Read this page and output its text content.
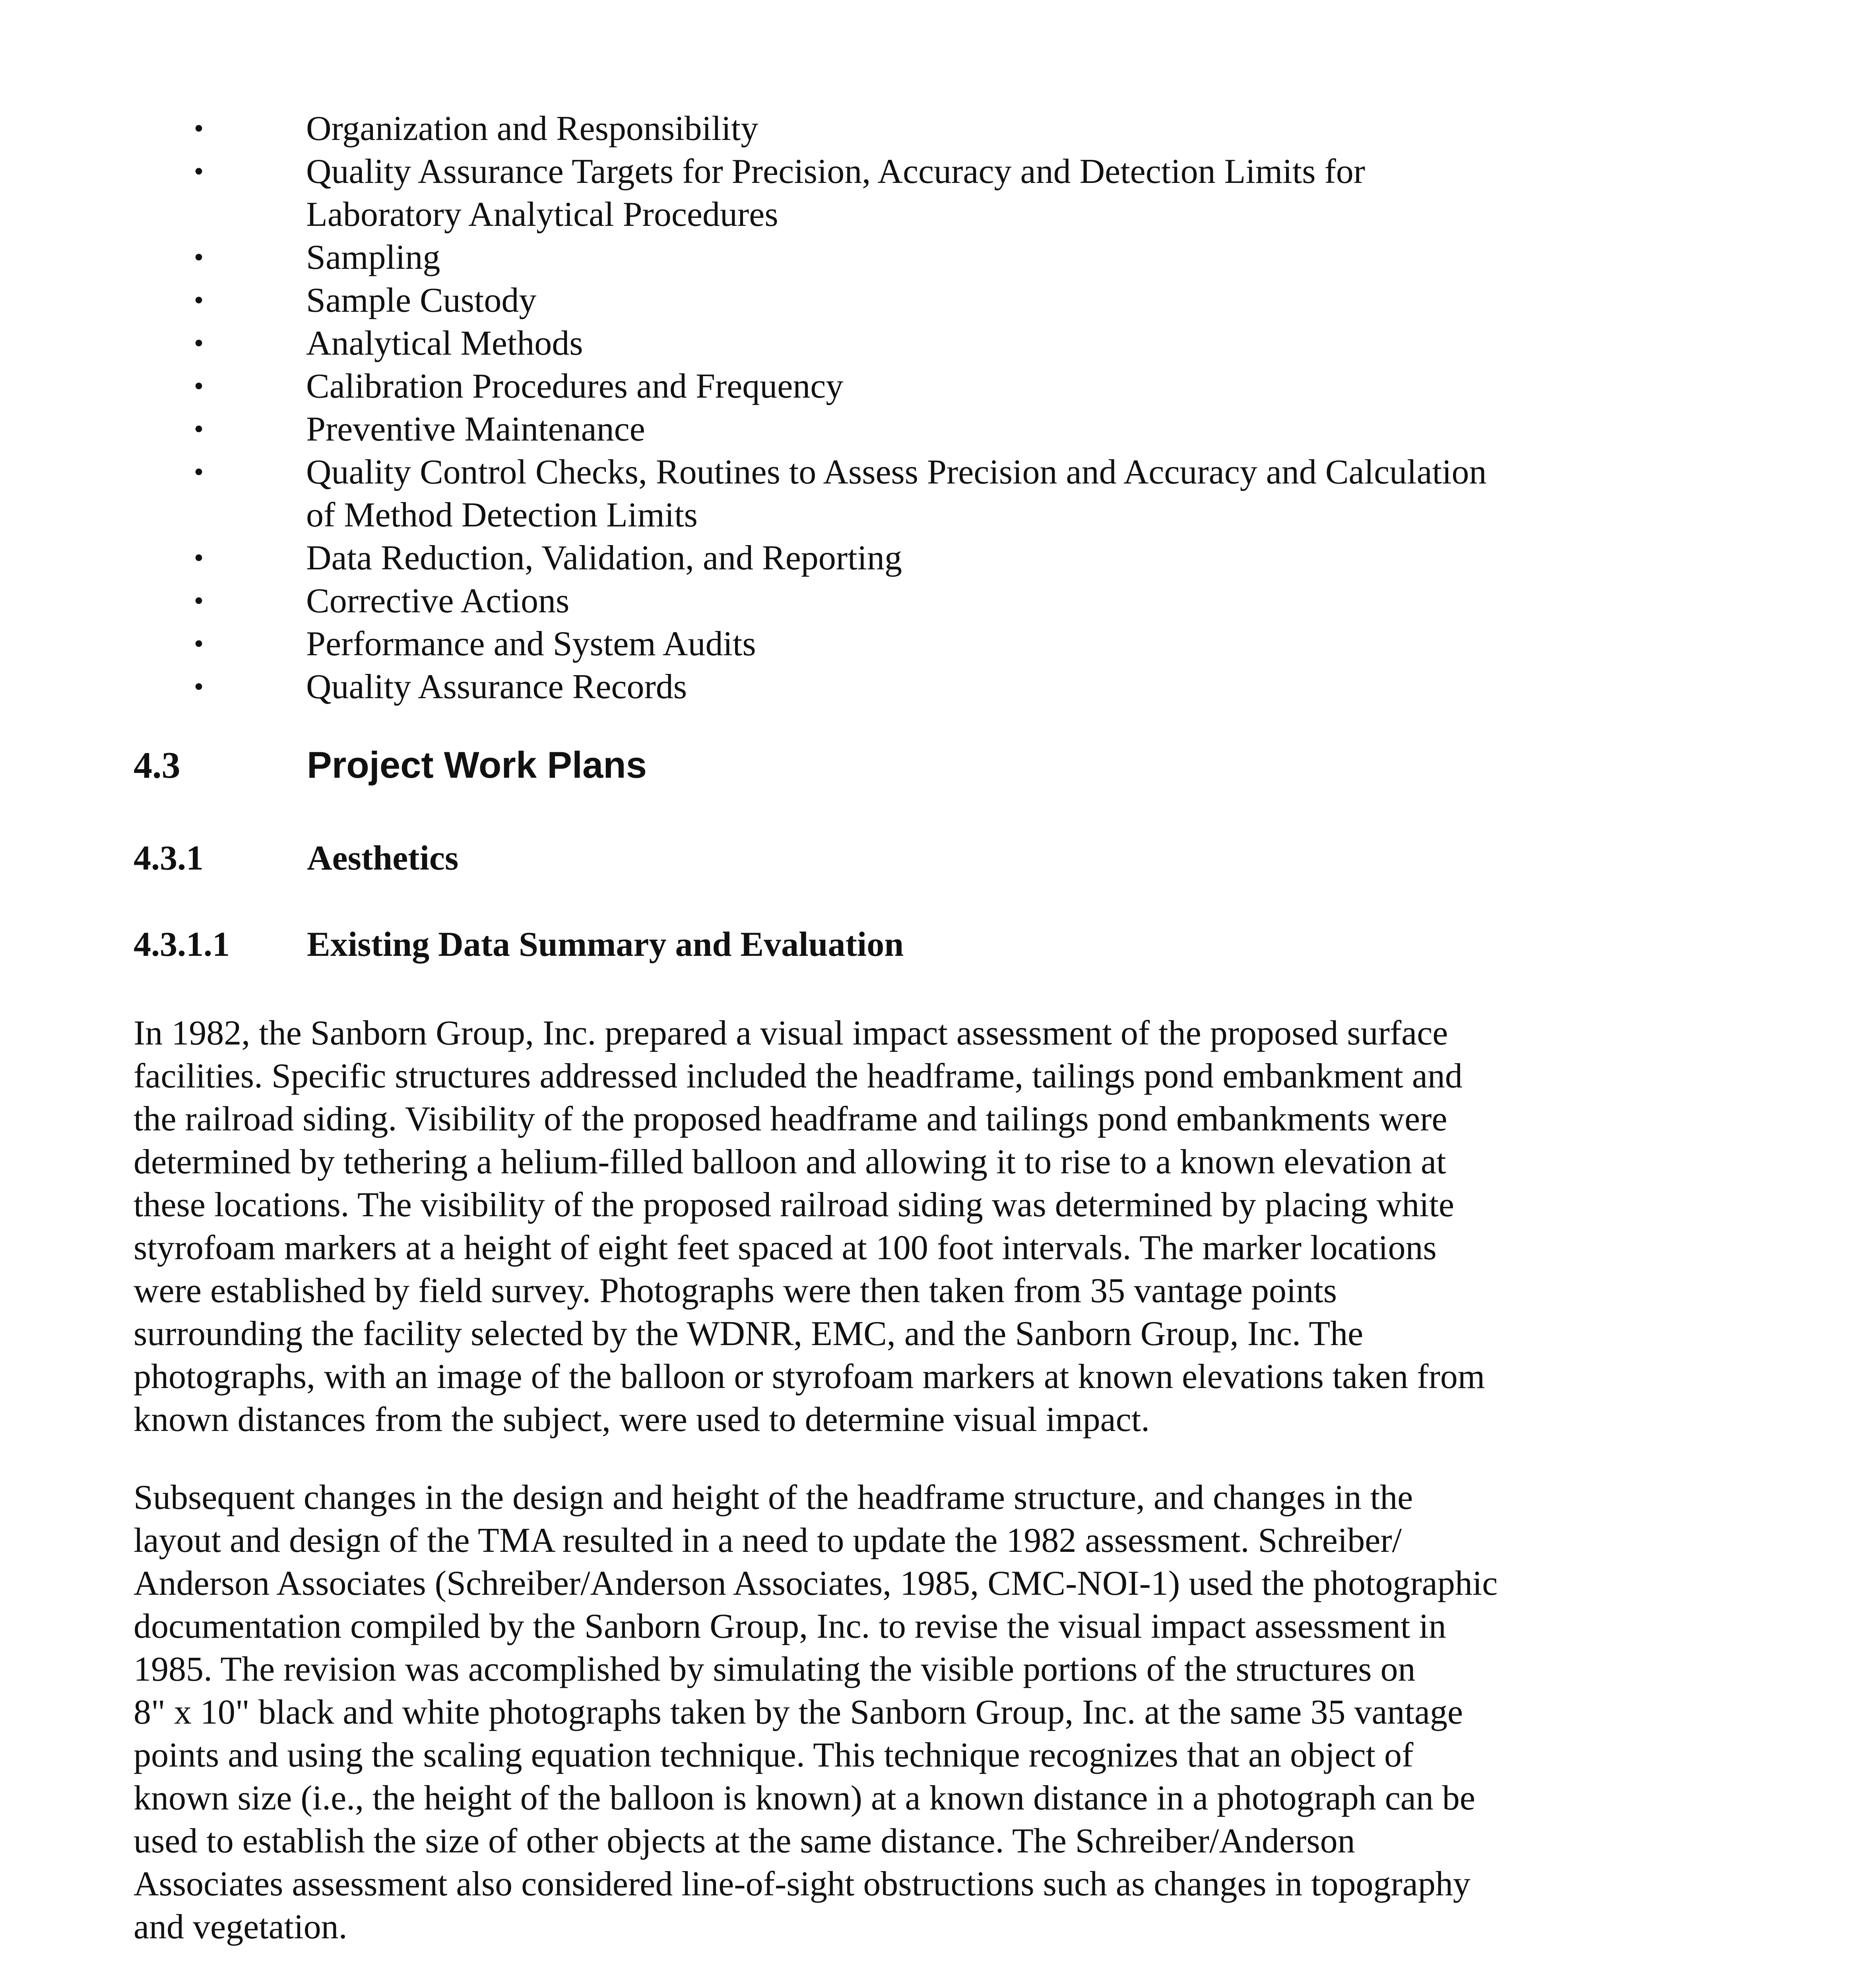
•	Organization and Responsibility
•	Quality Assurance Targets for Precision, Accuracy and Detection Limits for
Laboratory Analytical Procedures
•	Sampling
•	Sample Custody
•	Analytical Methods
•	Calibration Procedures and Frequency
•	Preventive Maintenance
•	Quality Control Checks, Routines to Assess Precision and Accuracy and Calculation
of Method Detection Limits
•	Data Reduction, Validation, and Reporting
•	Corrective Actions
•	Performance and System Audits
•	Quality Assurance Records
4.3	Project Work Plans
4.3.1	Aesthetics
4.3.1.1 Existing Data Summary and Evaluation

In 1982, the Sanborn Group, Inc. prepared a visual impact assessment of the proposed surface
facilities. Specific structures addressed included the headframe, tailings pond embankment and
the railroad siding. Visibility of the proposed headframe and tailings pond embankments were
determined by tethering a helium-filled balloon and allowing it to rise to a known elevation at
these locations. The visibility of the proposed railroad siding was determined by placing white
styrofoam markers at a height of eight feet spaced at 100 foot intervals. The marker locations
were established by field survey. Photographs were then taken from 35 vantage points
surrounding the facility selected by the WDNR, EMC, and the Sanborn Group, Inc. The
photographs, with an image of the balloon or styrofoam markers at known elevations taken from
known distances from the subject, were used to determine visual impact.

Subsequent changes in the design and height of the headframe structure, and changes in the
layout and design of the TMA resulted in a need to update the 1982 assessment. Schreiber/
Anderson Associates (Schreiber/Anderson Associates, 1985, CMC-NOI-1) used the photographic
documentation compiled by the Sanborn Group, Inc. to revise the visual impact assessment in
1985. The revision was accomplished by simulating the visible portions of the structures on
8" x 10" black and white photographs taken by the Sanborn Group, Inc. at the same 35 vantage
points and using the scaling equation technique. This technique recognizes that an object of
known size (i.e., the height of the balloon is known) at a known distance in a photograph can be
used to establish the size of other objects at the same distance. The Schreiber/Anderson
Associates assessment also considered line-of-sight obstructions such as changes in topography
and vegetation.
